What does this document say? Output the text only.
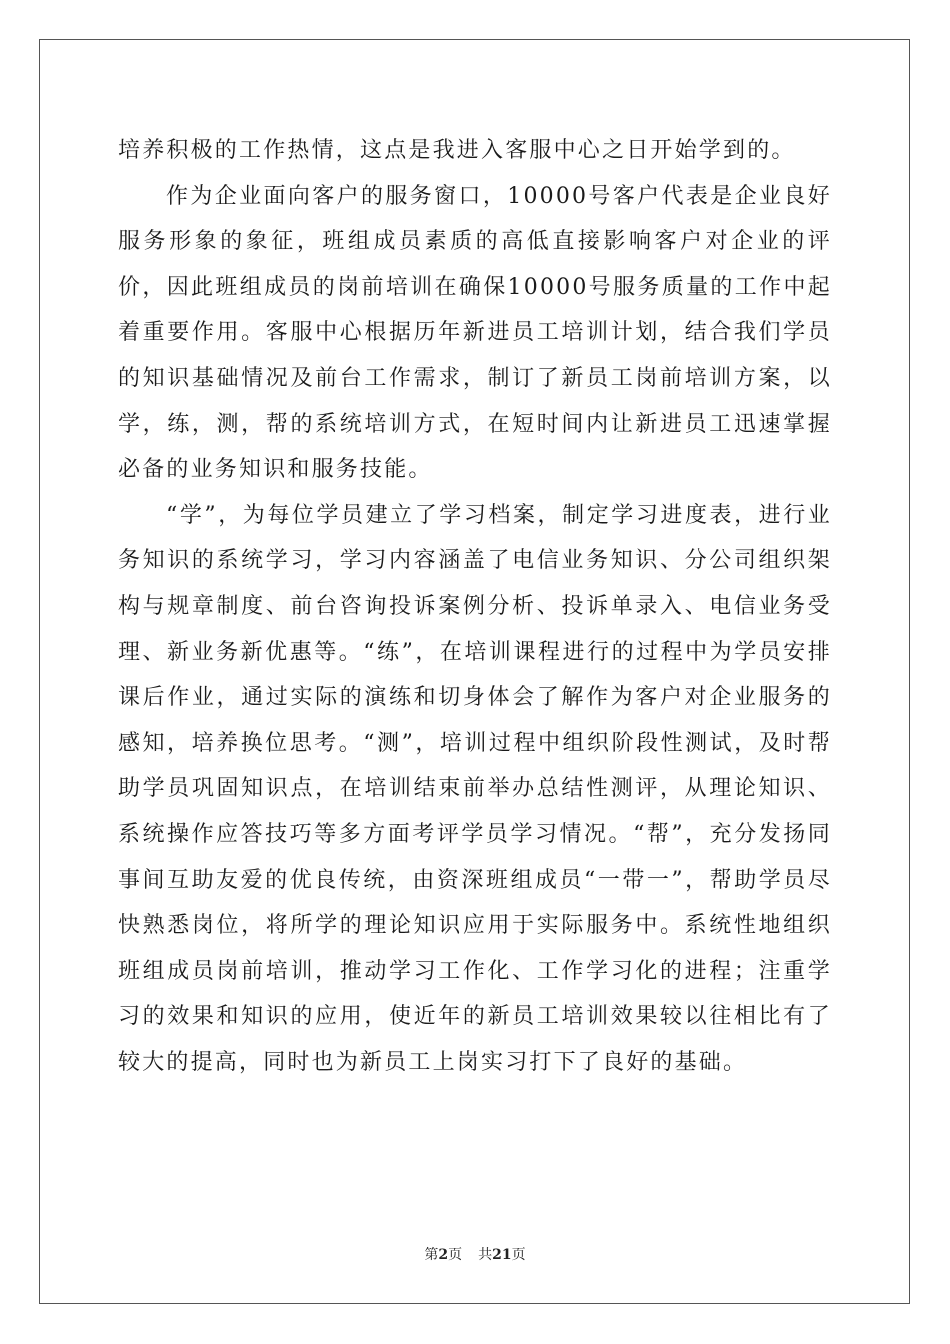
培养积极的工作热情，这点是我进入客服中心之日开始学到的。

作为企业面向客户的服务窗口，10000号客户代表是企业良好服务形象的象征，班组成员素质的高低直接影响客户对企业的评价，因此班组成员的岗前培训在确保10000号服务质量的工作中起着重要作用。客服中心根据历年新进员工培训计划，结合我们学员的知识基础情况及前台工作需求，制订了新员工岗前培训方案，以学，练，测，帮的系统培训方式，在短时间内让新进员工迅速掌握必备的业务知识和服务技能。

“学”，为每位学员建立了学习档案，制定学习进度表，进行业务知识的系统学习，学习内容涵盖了电信业务知识、分公司组织架构与规章制度、前台咨询投诉案例分析、投诉单录入、电信业务受理、新业务新优惠等。“练”，在培训课程进行的过程中为学员安排课后作业，通过实际的演练和切身体会了解作为客户对企业服务的感知，培养换位思考。“测”，培训过程中组织阶段性测试，及时帮助学员巩固知识点，在培训结束前举办总结性测评，从理论知识、系统操作应答技巧等多方面考评学员学习情况。“帮”，充分发扬同事间互助友爱的优良传统，由资深班组成员“一带一”，帮助学员尽快熟悉岗位，将所学的理论知识应用于实际服务中。系统性地组织班组成员岗前培训，推动学习工作化、工作学习化的进程；注重学习的效果和知识的应用，使近年的新员工培训效果较以往相比有了较大的提高，同时也为新员工上岗实习打下了良好的基础。

第2页 共21页
